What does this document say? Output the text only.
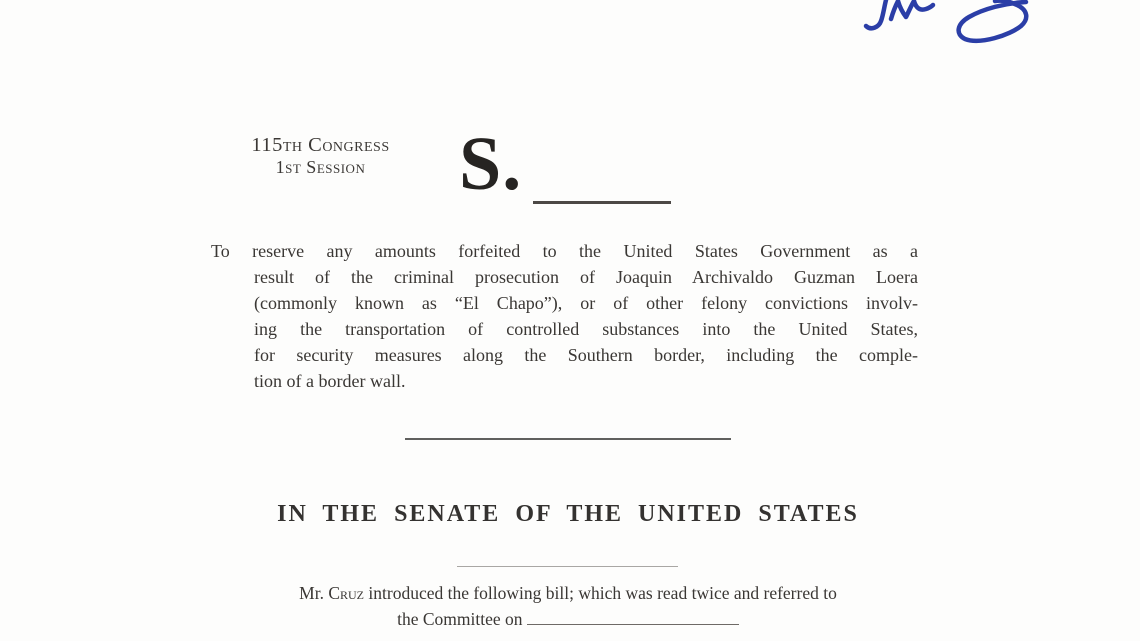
115th Congress
1st Session	S.
To reserve any amounts forfeited to the United States Government as a
result of the criminal prosecution of Joaquin Archivaldo Guzman Loera
(commonly known as “El Chapo”), or of other felony convictions involv-
ing the transportation of controlled substances into the United States,
for security measures along the Southern border, including the comple-
tion of a border wall.
IN THE SENATE OF THE UNITED STATES
Mr. Cruz introduced the following bill; which was read twice and referred to
the Committee on
